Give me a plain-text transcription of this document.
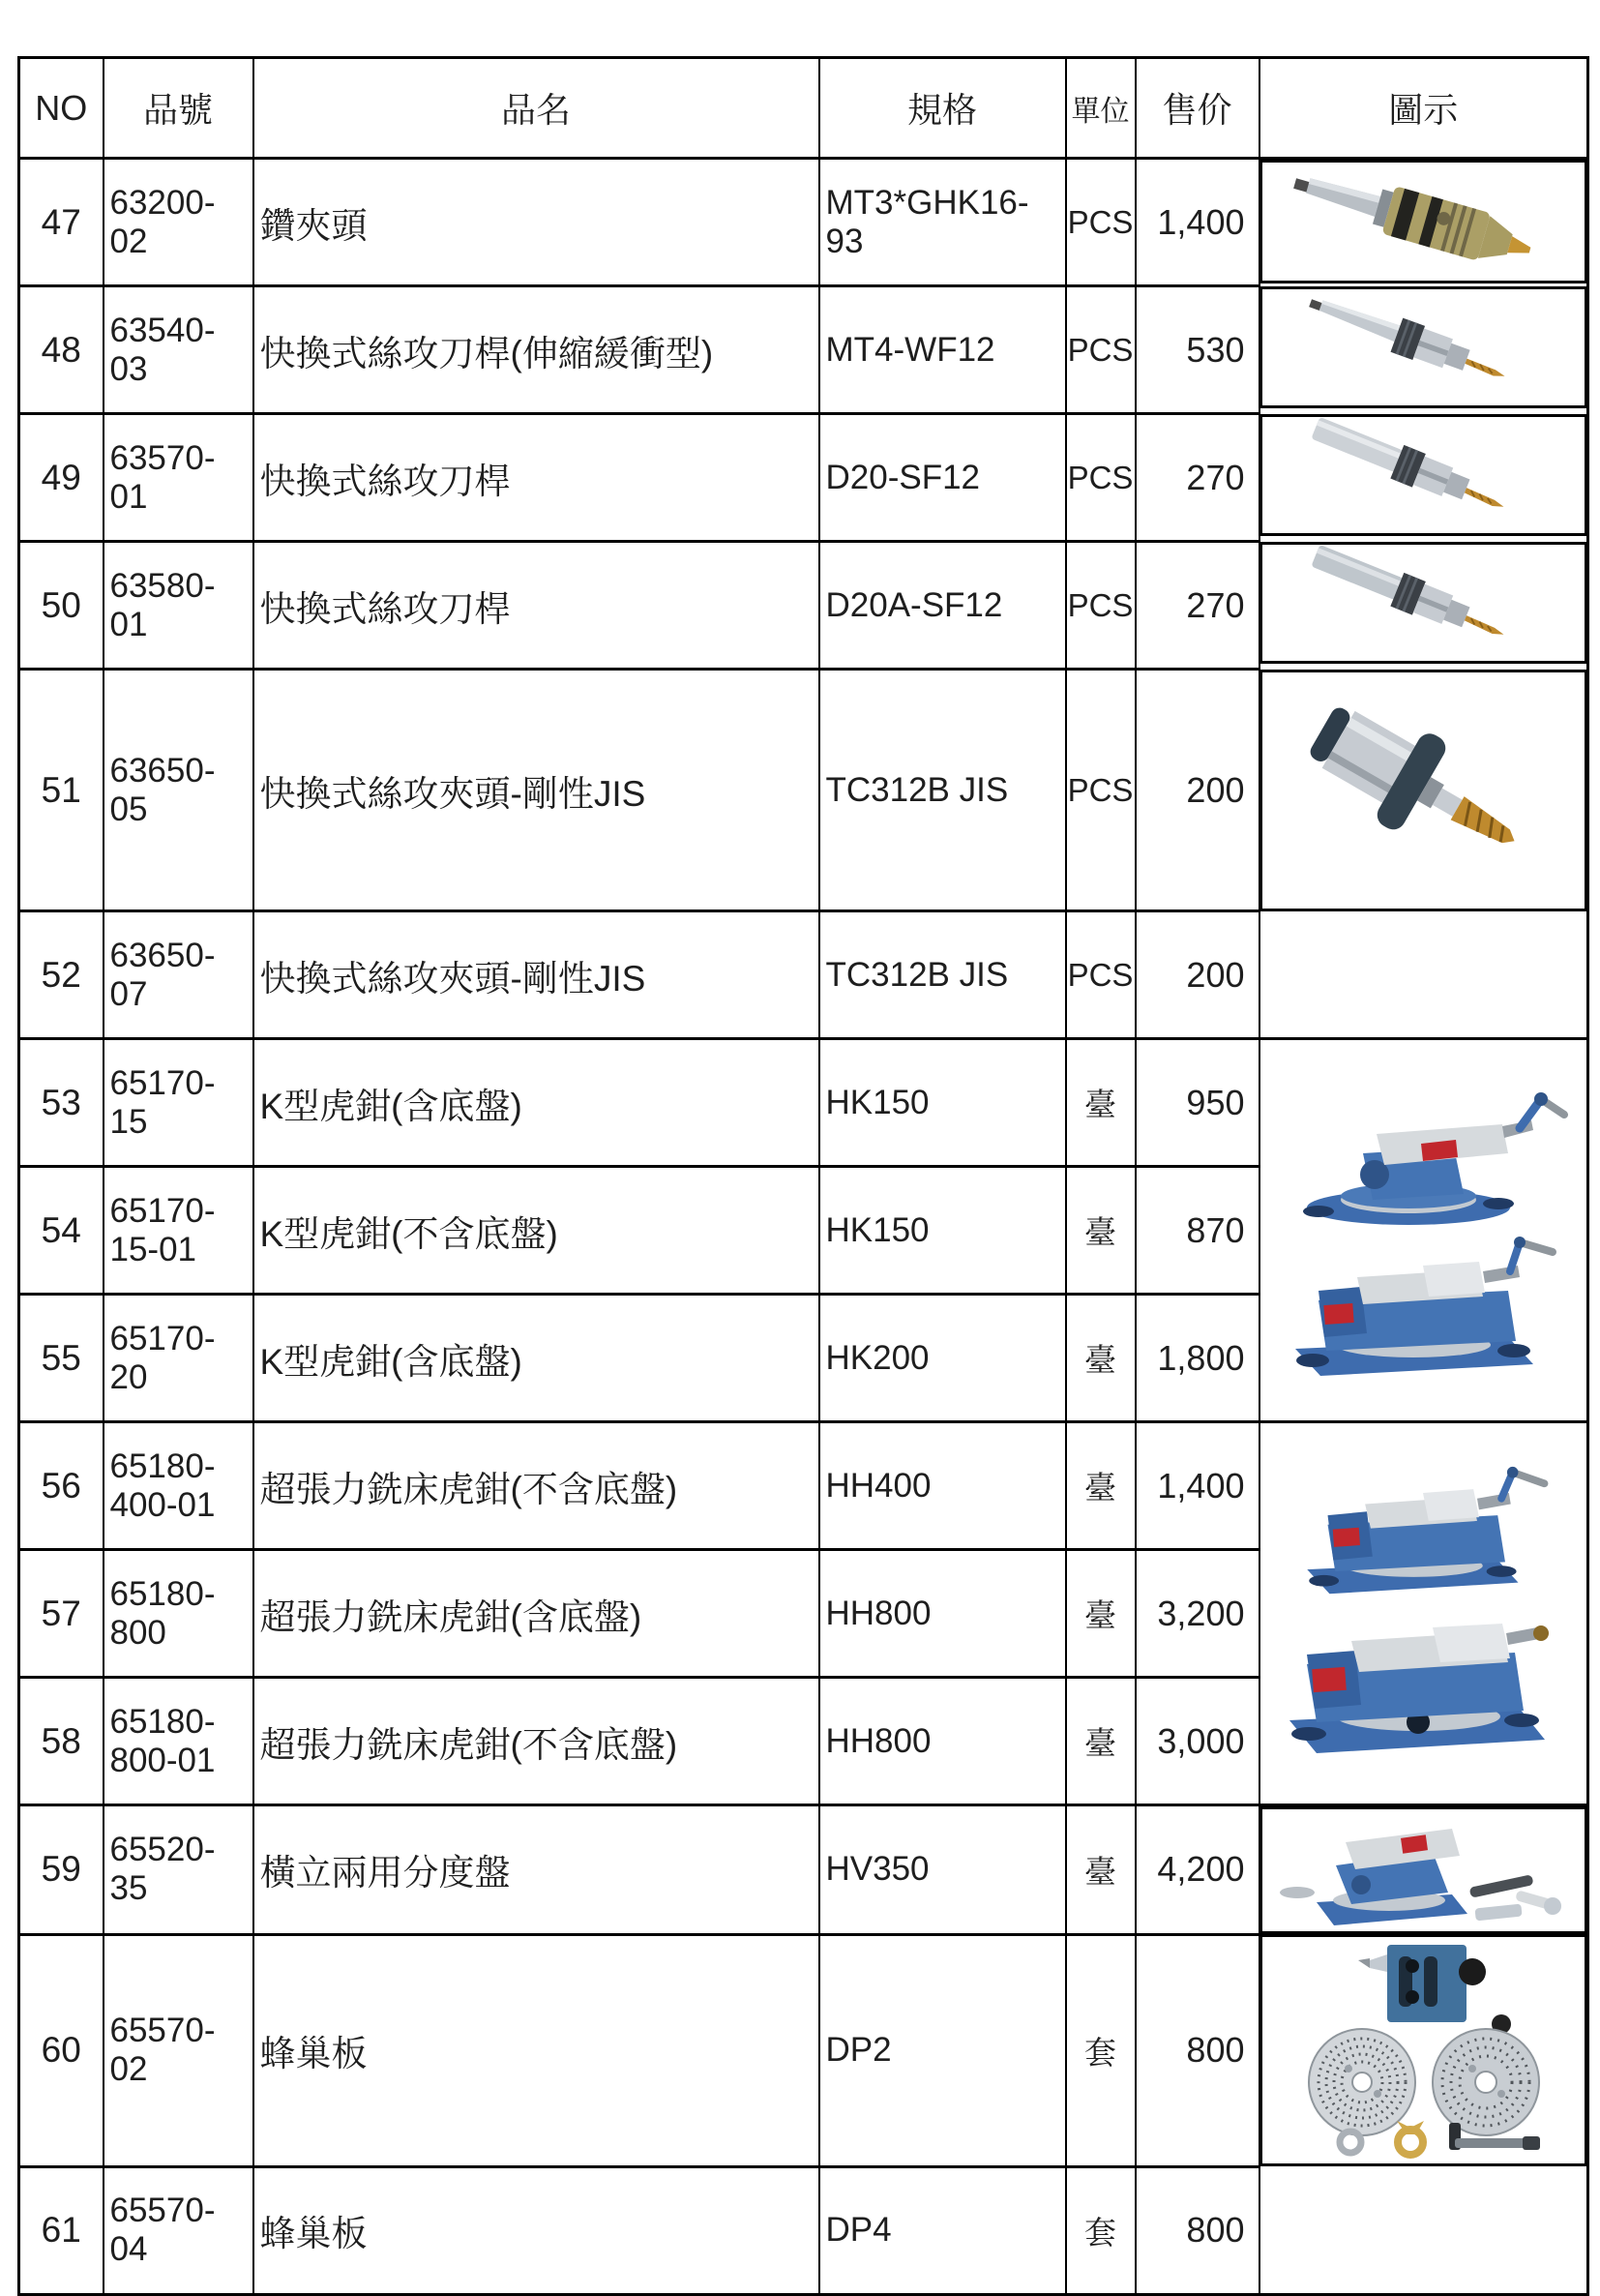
NO	品號	品名	規格	單位	售价	圖示
47	63200-02	鑽夾頭	MT3*GHK16-93	PCS	1,400	

48	63540-03	快換式絲攻刀桿(伸縮緩衝型)	MT4-WF12	PCS	530	

49	63570-01	快換式絲攻刀桿	D20-SF12	PCS	270	

50	63580-01	快換式絲攻刀桿	D20A-SF12	PCS	270	

51	63650-05	快換式絲攻夾頭-剛性JIS	TC312B JIS	PCS	200	

52	63650-07	快換式絲攻夾頭-剛性JIS	TC312B JIS	PCS	200	
53	65170-15	K型虎鉗(含底盤)	HK150	臺	950	

54	65170-15-01	K型虎鉗(不含底盤)	HK150	臺	870	
55	65170-20	K型虎鉗(含底盤)	HK200	臺	1,800	
56	65180-400-01	超張力銑床虎鉗(不含底盤)	HH400	臺	1,400	

57	65180-800	超張力銑床虎鉗(含底盤)	HH800	臺	3,200	
58	65180-800-01	超張力銑床虎鉗(不含底盤)	HH800	臺	3,000	
59	65520-35	橫立兩用分度盤	HV350	臺	4,200	

60	65570-02	蜂巢板	DP2	套	800	

61	65570-04	蜂巢板	DP4	套	800	
